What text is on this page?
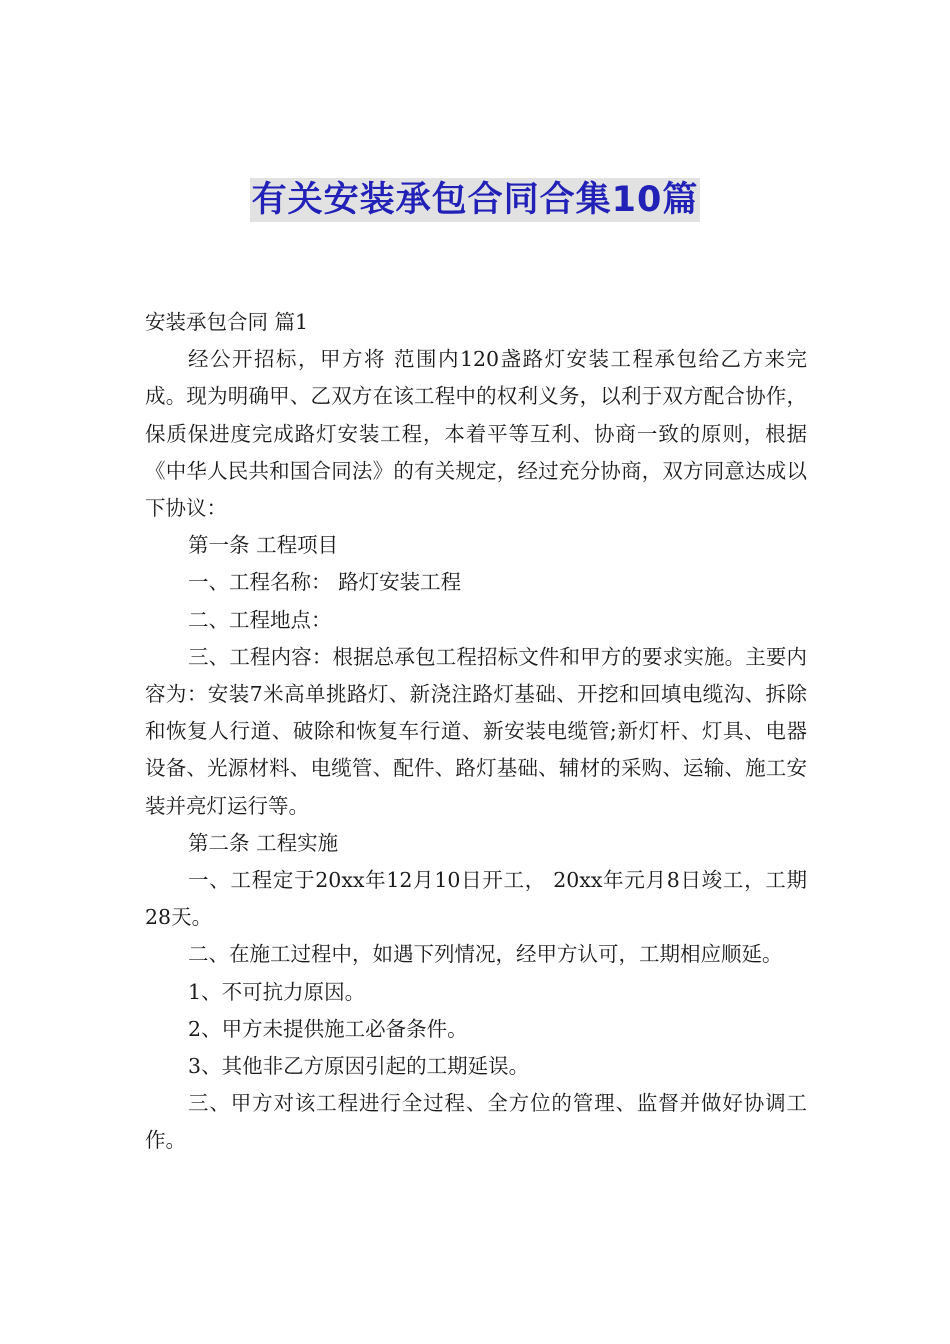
有关安装承包合同合集10篇

安装承包合同 篇1

经公开招标，甲方将 范围内120盏路灯安装工程承包给乙方来完成。现为明确甲、乙双方在该工程中的权利义务，以利于双方配合协作，保质保进度完成路灯安装工程，本着平等互利、协商一致的原则，根据《中华人民共和国合同法》的有关规定，经过充分协商，双方同意达成以下协议：

第一条 工程项目

一、工程名称： 路灯安装工程

二、工程地点：

三、工程内容：根据总承包工程招标文件和甲方的要求实施。主要内容为：安装7米高单挑路灯、新浇注路灯基础、开挖和回填电缆沟、拆除和恢复人行道、破除和恢复车行道、新安装电缆管;新灯杆、灯具、电器设备、光源材料、电缆管、配件、路灯基础、辅材的采购、运输、施工安装并亮灯运行等。

第二条 工程实施

一、工程定于20xx年12月10日开工， 20xx年元月8日竣工，工期28天。

二、在施工过程中，如遇下列情况，经甲方认可，工期相应顺延。

1、不可抗力原因。

2、甲方未提供施工必备条件。

3、其他非乙方原因引起的工期延误。

三、甲方对该工程进行全过程、全方位的管理、监督并做好协调工作。
